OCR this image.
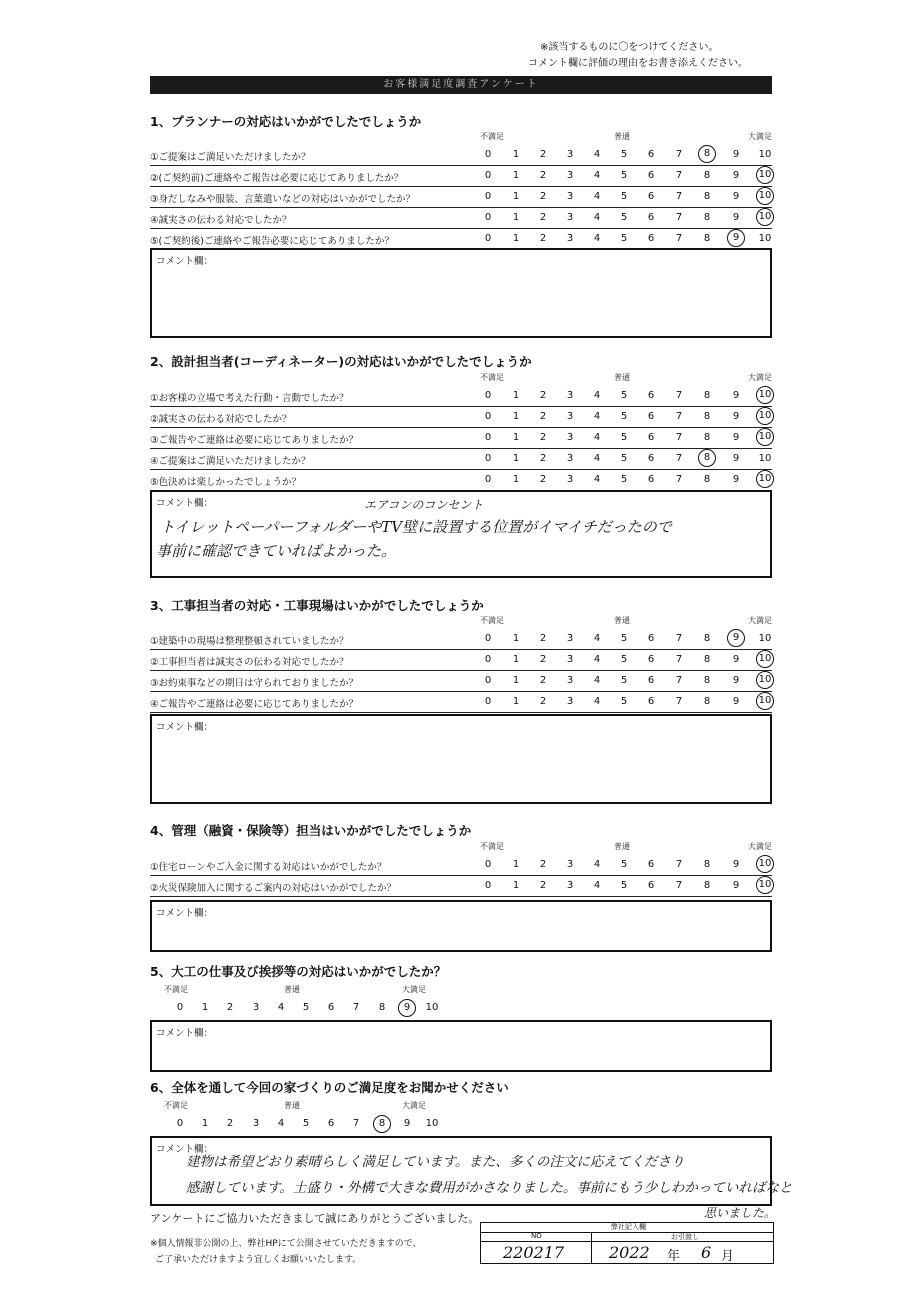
※該当するものに〇をつけてください。
コメント欄に評価の理由をお書き添えください。
お客様満足度調査アンケート
1、プランナーの対応はいかがでしたでしょうか
不満足	普通	大満足
①ご提案はご満足いただけましたか？	0	1	2	3	4	5	6	7	8	9	10
②(ご契約前)ご連絡やご報告は必要に応じてありましたか？	0	1	2	3	4	5	6	7	8	9	10
③身だしなみや服装、言葉遣いなどの対応はいかがでしたか？	0	1	2	3	4	5	6	7	8	9	10
④誠実さの伝わる対応でしたか？	0	1	2	3	4	5	6	7	8	9	10
⑤(ご契約後)ご連絡やご報告必要に応じてありましたか？	0	1	2	3	4	5	6	7	8	9	10
コメント欄：
2、設計担当者(コーディネーター)の対応はいかがでしたでしょうか
不満足	普通	大満足
①お客様の立場で考えた行動・言動でしたか？	0	1	2	3	4	5	6	7	8	9	10
②誠実さの伝わる対応でしたか？	0	1	2	3	4	5	6	7	8	9	10
③ご報告やご連絡は必要に応じてありましたか？	0	1	2	3	4	5	6	7	8	9	10
④ご提案はご満足いただけましたか？	0	1	2	3	4	5	6	7	8	9	10
⑤色決めは楽しかったでしょうか？	0	1	2	3	4	5	6	7	8	9	10
コメント欄：
トイレットペーパーフォルダーやTV壁に設置する位置がイマイチだったので
事前に確認できていればよかった。
エアコンのコンセント
3、工事担当者の対応・工事現場はいかがでしたでしょうか
不満足	普通	大満足
①建築中の現場は整理整頓されていましたか？	0	1	2	3	4	5	6	7	8	9	10
②工事担当者は誠実さの伝わる対応でしたか？	0	1	2	3	4	5	6	7	8	9	10
③お約束事などの期日は守られておりましたか？	0	1	2	3	4	5	6	7	8	9	10
④ご報告やご連絡は必要に応じてありましたか？	0	1	2	3	4	5	6	7	8	9	10
コメント欄：
4、管理（融資・保険等）担当はいかがでしたでしょうか
不満足	普通	大満足
①住宅ローンやご入金に関する対応はいかがでしたか？	0	1	2	3	4	5	6	7	8	9	10
②火災保険加入に関するご案内の対応はいかがでしたか？	0	1	2	3	4	5	6	7	8	9	10
コメント欄：
5、大工の仕事及び挨拶等の対応はいかがでしたか？
不満足	普通	大満足
0	1	2	3	4	5	6	7	8	9	10
コメント欄：
6、全体を通して今回の家づくりのご満足度をお聞かせください
不満足	普通	大満足
0	1	2	3	4	5	6	7	8	9	10
コメント欄：
建物は希望どおり素晴らしく満足しています。また、多くの注文に応えてくださり
感謝しています。土盛り・外構で大きな費用がかさなりました。事前にもう少しわかっていればなと
思いました。
アンケートにご協力いただきまして誠にありがとうございました。
※個人情報非公開の上、弊社HPにて公開させていただきますので、
ご了承いただけますよう宜しくお願いいたします。
弊社記入欄
NO	お引渡し
220217	2022 年 6 月
